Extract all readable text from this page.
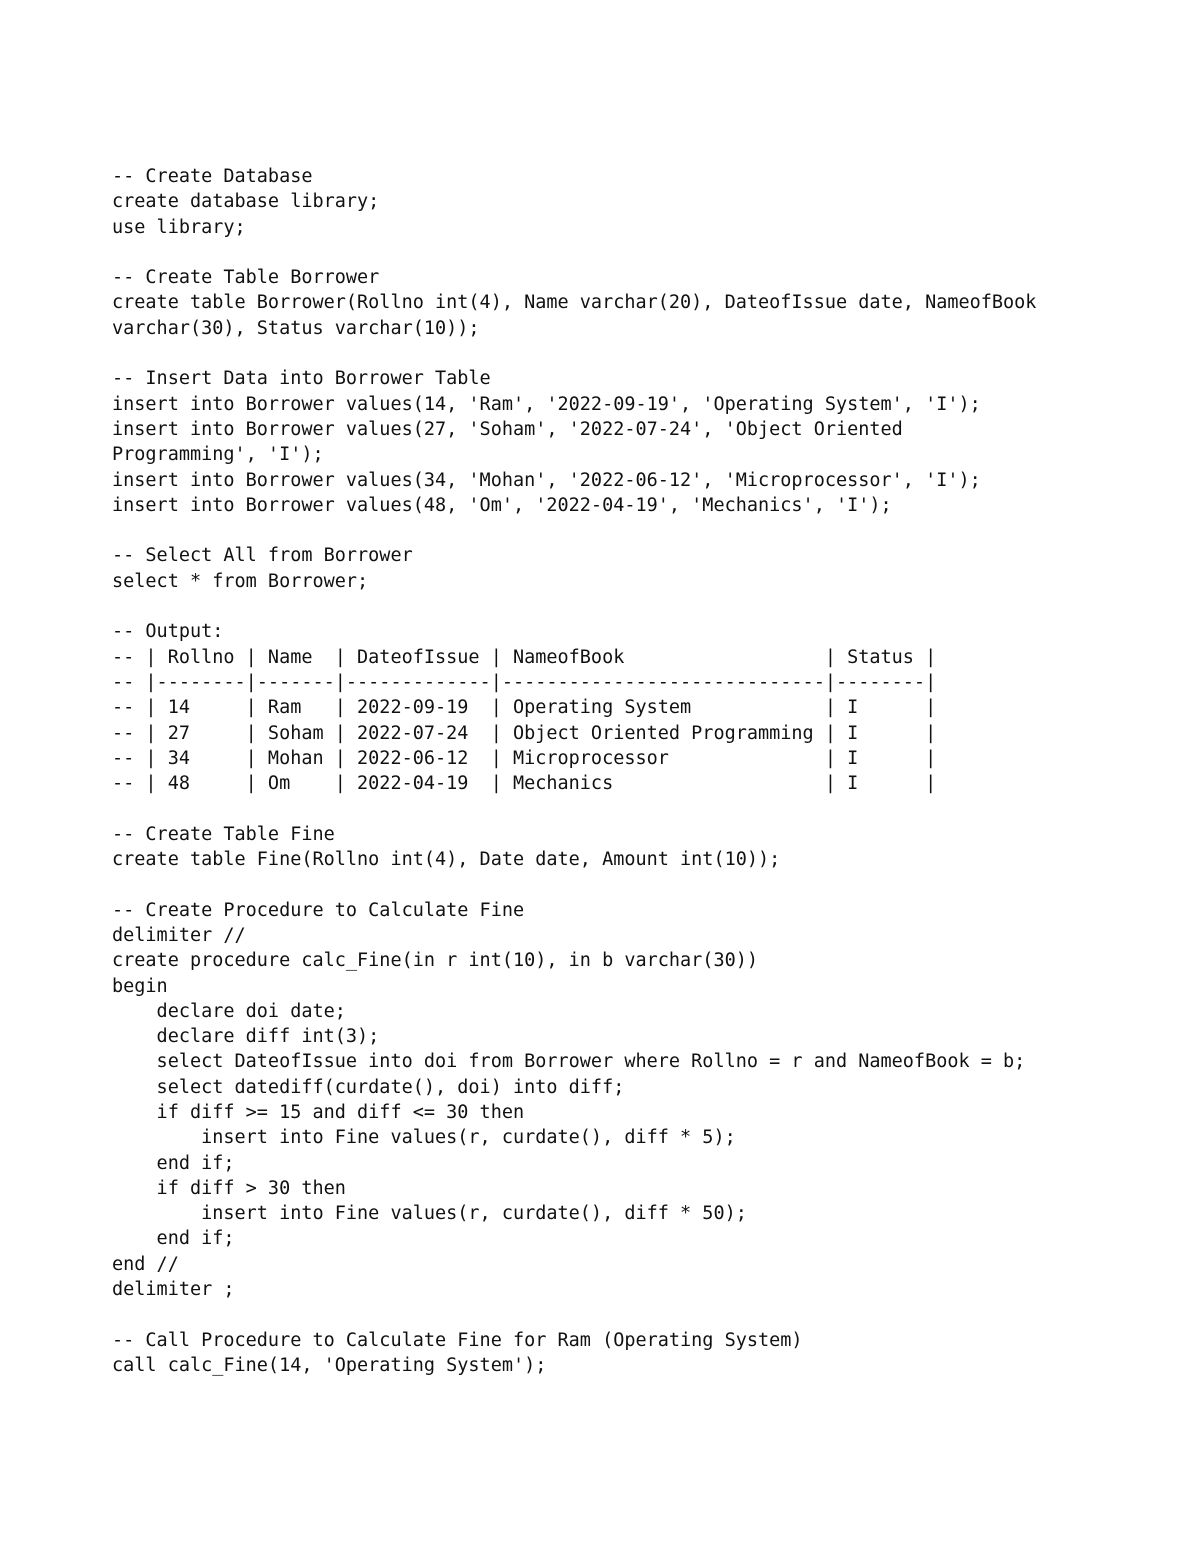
-- Create Database
create database library;
use library;
-- Create Table Borrower
create table Borrower(Rollno int(4), Name varchar(20), DateofIssue date, NameofBook
varchar(30), Status varchar(10));
-- Insert Data into Borrower Table
insert into Borrower values(14, 'Ram', '2022-09-19', 'Operating System', 'I');
insert into Borrower values(27, 'Soham', '2022-07-24', 'Object Oriented
Programming', 'I');
insert into Borrower values(34, 'Mohan', '2022-06-12', 'Microprocessor', 'I');
insert into Borrower values(48, 'Om', '2022-04-19', 'Mechanics', 'I');
-- Select All from Borrower
select * from Borrower;
-- Output:
-- | Rollno | Name  | DateofIssue | NameofBook                  | Status |
-- |--------|-------|-------------|-----------------------------|--------|
-- | 14     | Ram   | 2022-09-19  | Operating System            | I      |
-- | 27     | Soham | 2022-07-24  | Object Oriented Programming | I      |
-- | 34     | Mohan | 2022-06-12  | Microprocessor              | I      |
-- | 48     | Om    | 2022-04-19  | Mechanics                   | I      |
-- Create Table Fine
create table Fine(Rollno int(4), Date date, Amount int(10));
-- Create Procedure to Calculate Fine
delimiter //
create procedure calc_Fine(in r int(10), in b varchar(30))
begin
declare doi date;
declare diff int(3);
select DateofIssue into doi from Borrower where Rollno = r and NameofBook = b;
select datediff(curdate(), doi) into diff;
if diff >= 15 and diff <= 30 then
insert into Fine values(r, curdate(), diff * 5);
end if;
if diff > 30 then
insert into Fine values(r, curdate(), diff * 50);
end if;
end //
delimiter ;
-- Call Procedure to Calculate Fine for Ram (Operating System)
call calc_Fine(14, 'Operating System');
